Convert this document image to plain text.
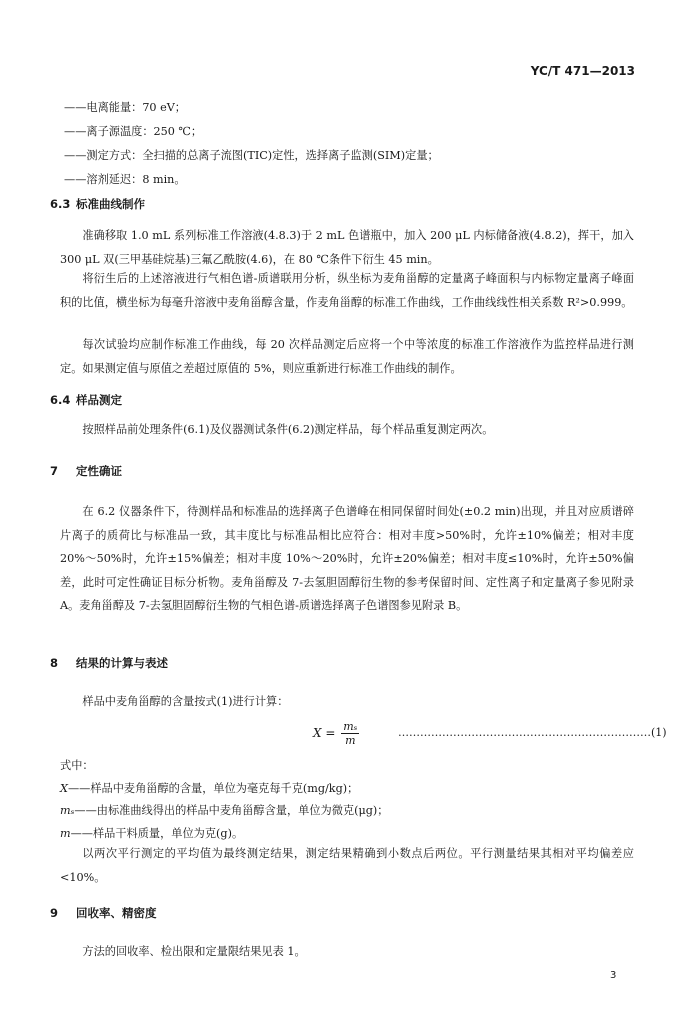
YC/T 471—2013
——电离能量：70 eV；
——离子源温度：250 ℃；
——测定方式：全扫描的总离子流图(TIC)定性，选择离子监测(SIM)定量；
——溶剂延迟：8 min。
6.3 标准曲线制作

准确移取 1.0 mL 系列标准工作溶液(4.8.3)于 2 mL 色谱瓶中，加入 200 μL 内标储备液(4.8.2)，挥干，加入 300 μL 双(三甲基硅烷基)三氟乙酰胺(4.6)，在 80 ℃条件下衍生 45 min。

将衍生后的上述溶液进行气相色谱-质谱联用分析，纵坐标为麦角甾醇的定量离子峰面积与内标物定量离子峰面积的比值，横坐标为每毫升溶液中麦角甾醇含量，作麦角甾醇的标准工作曲线，工作曲线线性相关系数 R²>0.999。

每次试验均应制作标准工作曲线，每 20 次样品测定后应将一个中等浓度的标准工作溶液作为监控样品进行测定。如果测定值与原值之差超过原值的 5%，则应重新进行标准工作曲线的制作。

6.4 样品测定

按照样品前处理条件(6.1)及仪器测试条件(6.2)测定样品，每个样品重复测定两次。

7 定性确证

在 6.2 仪器条件下，待测样品和标准品的选择离子色谱峰在相同保留时间处(±0.2 min)出现，并且对应质谱碎片离子的质荷比与标准品一致，其丰度比与标准品相比应符合：相对丰度>50%时，允许±10%偏差；相对丰度 20%～50%时，允许±15%偏差；相对丰度 10%～20%时，允许±20%偏差；相对丰度≤10%时，允许±50%偏差，此时可定性确证目标分析物。麦角甾醇及 7-去氢胆固醇衍生物的参考保留时间、定性离子和定量离子参见附录 A。麦角甾醇及 7-去氢胆固醇衍生物的气相色谱-质谱选择离子色谱图参见附录 B。

8 结果的计算与表述

样品中麦角甾醇的含量按式(1)进行计算：

$X = \frac{\text{mₛ}}{m}$	……………………………………………………………(1)
式中：
X——样品中麦角甾醇的含量，单位为毫克每千克(mg/kg)；
mₛ——由标准曲线得出的样品中麦角甾醇含量，单位为微克(μg)；
m——样品干料质量，单位为克(g)。

以两次平行测定的平均值为最终测定结果，测定结果精确到小数点后两位。平行测量结果其相对平均偏差应<10%。

9 回收率、精密度

方法的回收率、检出限和定量限结果见表 1。

3
